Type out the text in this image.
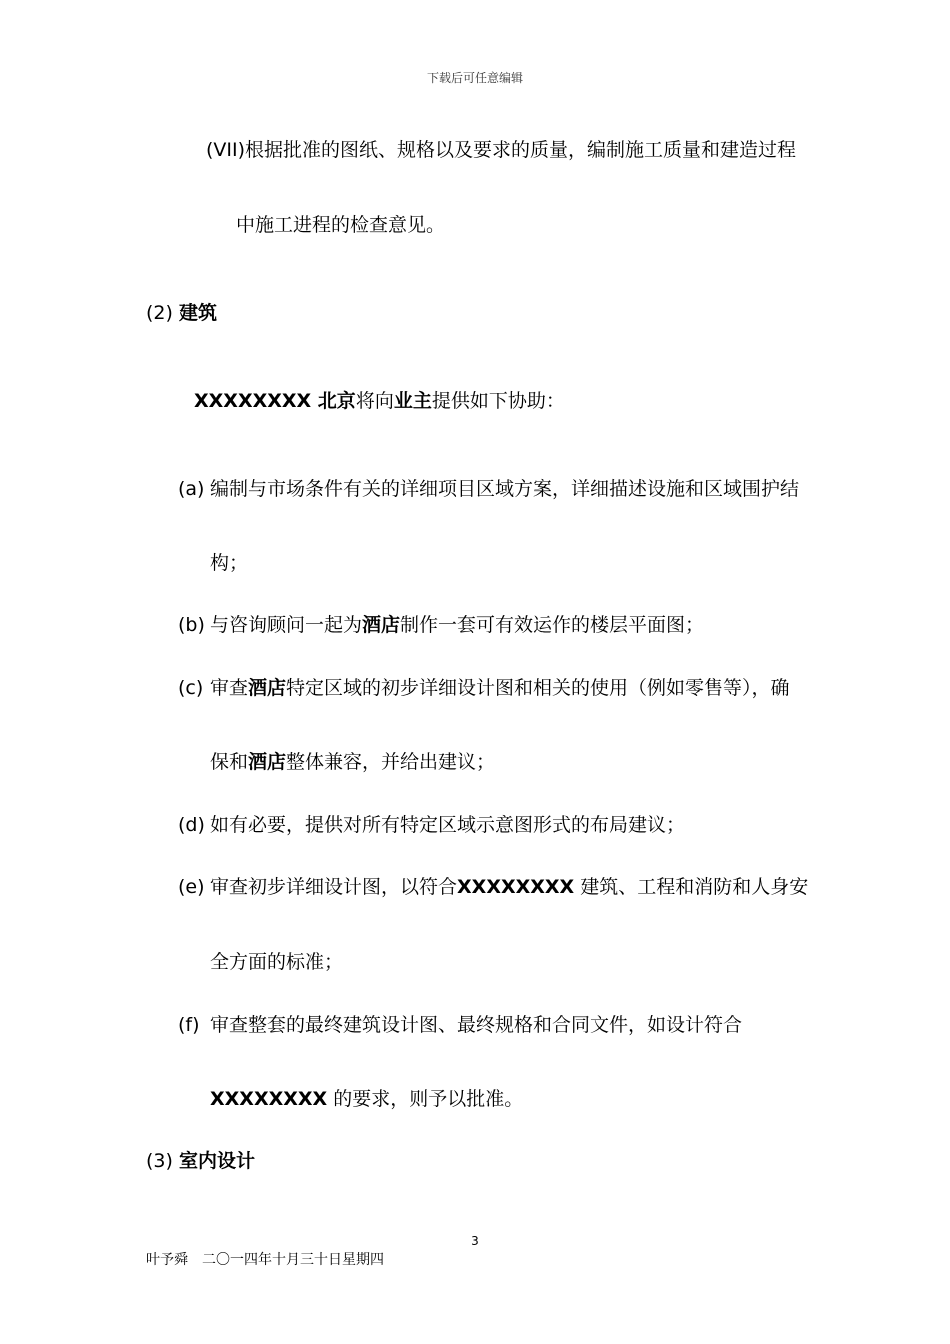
下载后可任意编辑
(VII)根据批准的图纸、规格以及要求的质量，编制施工质量和建造过程
中施工进程的检查意见。
(2) 建筑
XXXXXXXX 北京将向业主提供如下协助：
(a) 编制与市场条件有关的详细项目区域方案，详细描述设施和区域围护结
构；
(b) 与咨询顾问一起为酒店制作一套可有效运作的楼层平面图；
(c) 审查酒店特定区域的初步详细设计图和相关的使用（例如零售等），确
保和酒店整体兼容，并给出建议；
(d) 如有必要，提供对所有特定区域示意图形式的布局建议；
(e) 审查初步详细设计图，以符合XXXXXXXX 建筑、工程和消防和人身安
全方面的标准；
(f) 审查整套的最终建筑设计图、最终规格和合同文件，如设计符合
XXXXXXXX 的要求，则予以批准。
(3) 室内设计
3
叶予舜 二〇一四年十月三十日星期四
